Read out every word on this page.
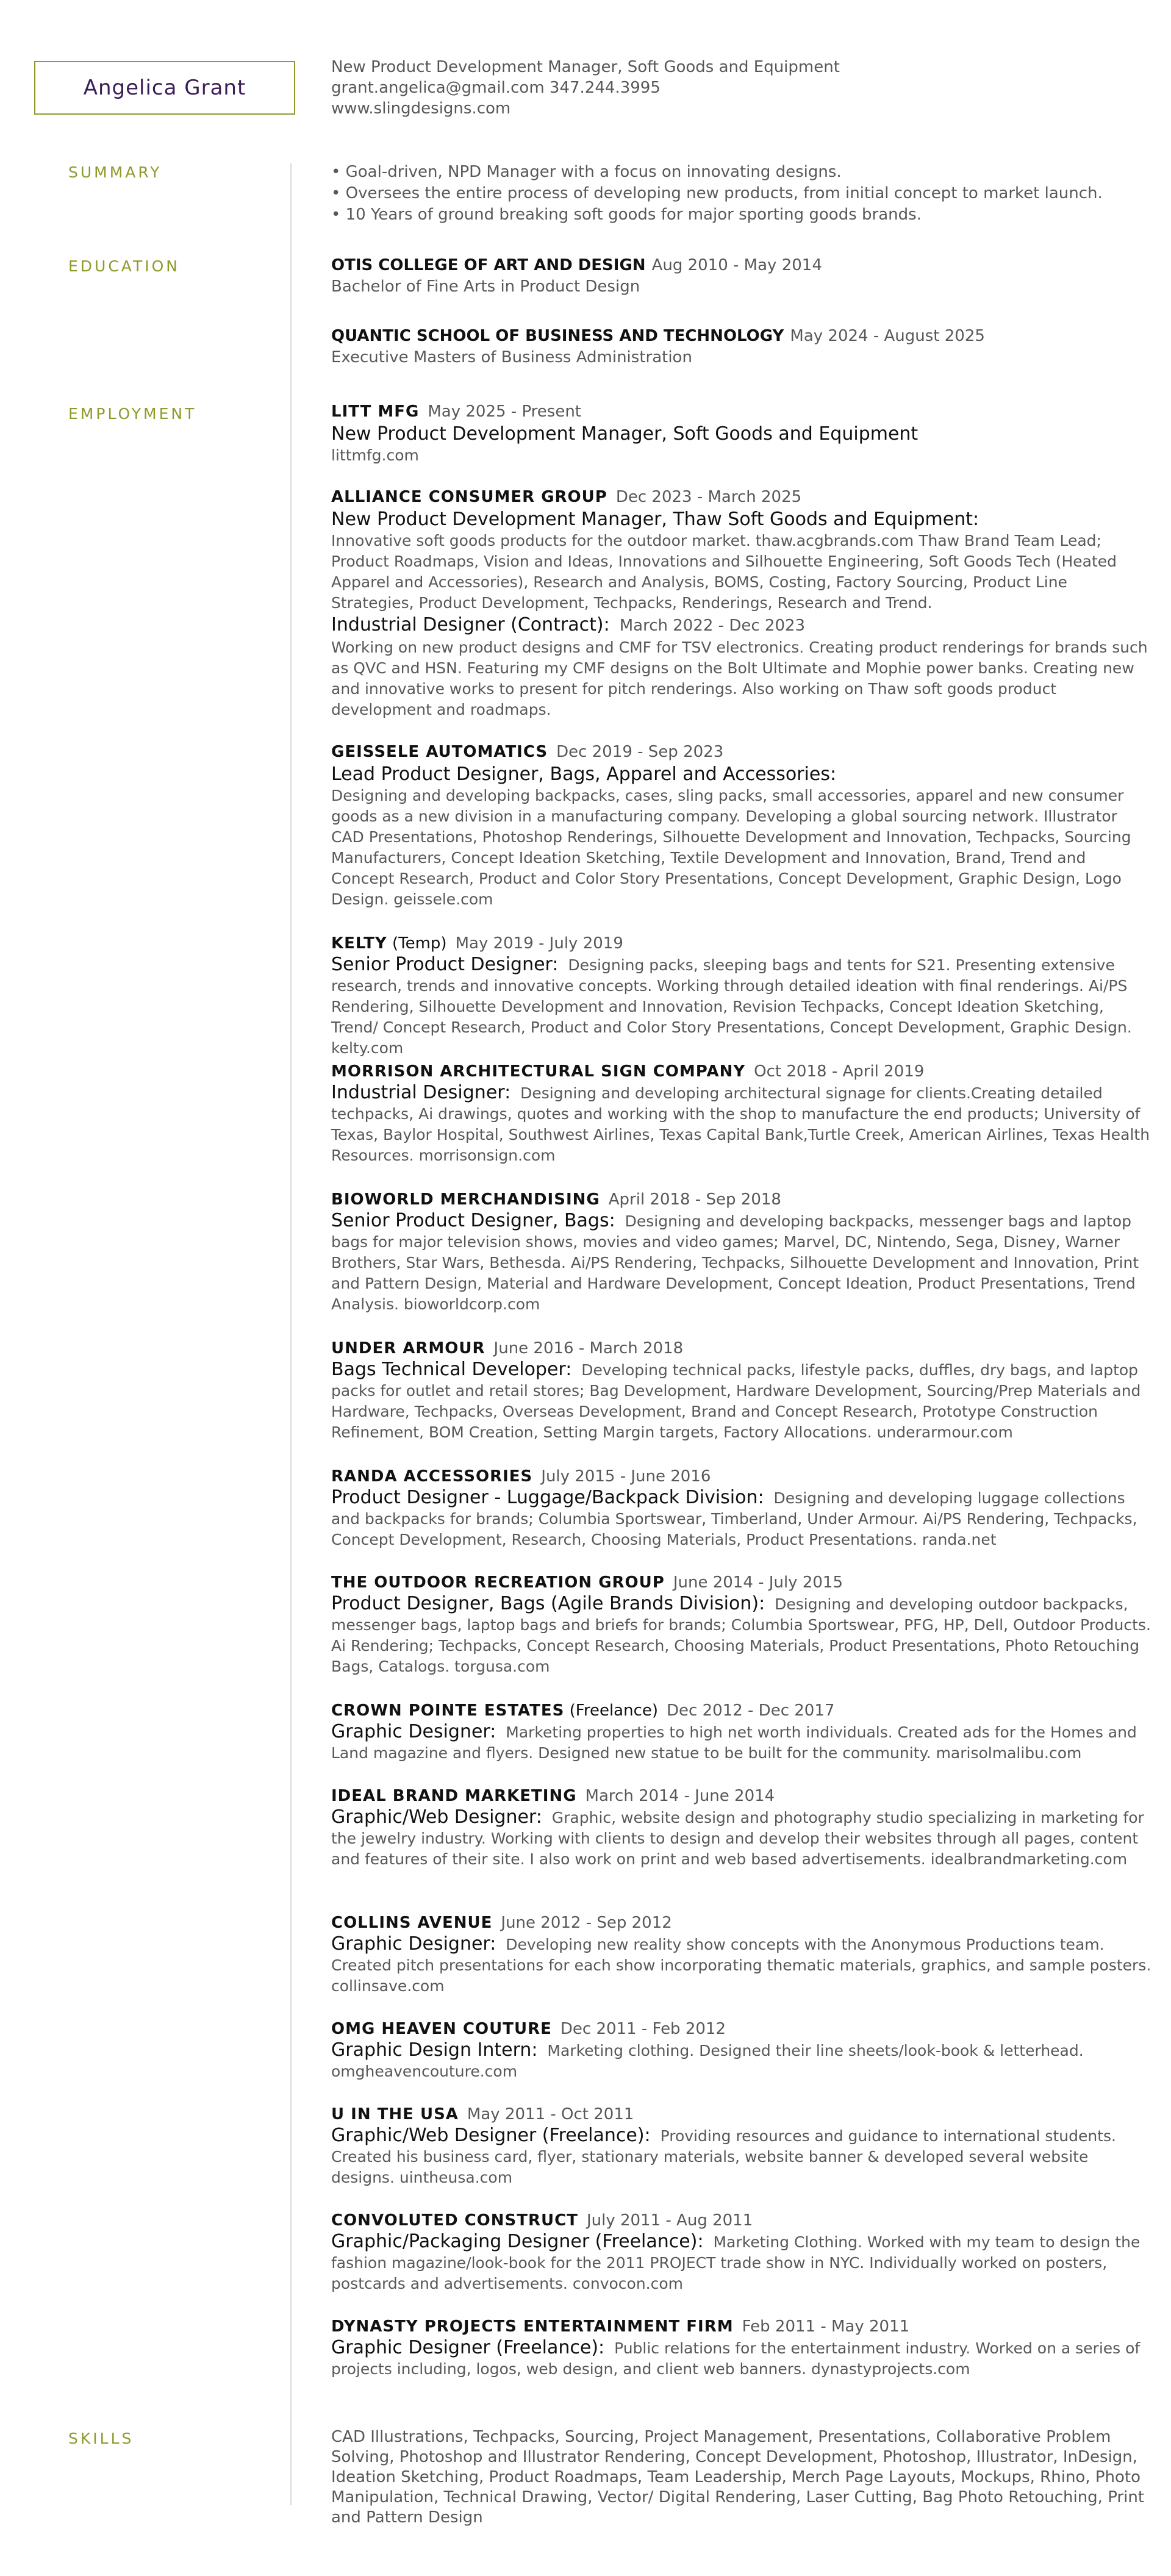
Angelica Grant
New Product Development Manager, Soft Goods and Equipment
grant.angelica@gmail.com 347.244.3995
www.slingdesigns.com
SUMMARY	• Goal-driven, NPD Manager with a focus on innovating designs.
• Oversees the entire process of developing new products, from initial concept to market launch.
• 10 Years of ground breaking soft goods for major sporting goods brands.
EDUCATION	OTIS COLLEGE OF ART AND DESIGN Aug 2010 - May 2014
Bachelor of Fine Arts in Product Design
QUANTIC SCHOOL OF BUSINESS AND TECHNOLOGY May 2024 - August 2025
Executive Masters of Business Administration
EMPLOYMENT	LITT MFG May 2025 - Present
New Product Development Manager, Soft Goods and Equipment
littmfg.com
ALLIANCE CONSUMER GROUP Dec 2023 - March 2025
New Product Development Manager, Thaw Soft Goods and Equipment:
Innovative soft goods products for the outdoor market. thaw.acgbrands.com Thaw Brand Team Lead; Product Roadmaps, Vision and Ideas, Innovations and Silhouette Engineering, Soft Goods Tech (Heated Apparel and Accessories), Research and Analysis, BOMS, Costing, Factory Sourcing, Product Line Strategies, Product Development, Techpacks, Renderings, Research and Trend.
Industrial Designer (Contract): March 2022 - Dec 2023
Working on new product designs and CMF for TSV electronics. Creating product renderings for brands such as QVC and HSN. Featuring my CMF designs on the Bolt Ultimate and Mophie power banks. Creating new and innovative works to present for pitch renderings. Also working on Thaw soft goods product development and roadmaps.
GEISSELE AUTOMATICS Dec 2019 - Sep 2023
Lead Product Designer, Bags, Apparel and Accessories:
Designing and developing backpacks, cases, sling packs, small accessories, apparel and new consumer goods as a new division in a manufacturing company. Developing a global sourcing network. Illustrator CAD Presentations, Photoshop Renderings, Silhouette Development and Innovation, Techpacks, Sourcing Manufacturers, Concept Ideation Sketching, Textile Development and Innovation, Brand, Trend and Concept Research, Product and Color Story Presentations, Concept Development, Graphic Design, Logo Design. geissele.com
KELTY (Temp) May 2019 - July 2019
Senior Product Designer: Designing packs, sleeping bags and tents for S21. Presenting extensive research, trends and innovative concepts. Working through detailed ideation with final renderings. Ai/PS Rendering, Silhouette Development and Innovation, Revision Techpacks, Concept Ideation Sketching, Trend/ Concept Research, Product and Color Story Presentations, Concept Development, Graphic Design. kelty.com
MORRISON ARCHITECTURAL SIGN COMPANY Oct 2018 - April 2019
Industrial Designer: Designing and developing architectural signage for clients.Creating detailed techpacks, Ai drawings, quotes and working with the shop to manufacture the end products; University of Texas, Baylor Hospital, Southwest Airlines, Texas Capital Bank,Turtle Creek, American Airlines, Texas Health Resources. morrisonsign.com
BIOWORLD MERCHANDISING April 2018 - Sep 2018
Senior Product Designer, Bags: Designing and developing backpacks, messenger bags and laptop bags for major television shows, movies and video games; Marvel, DC, Nintendo, Sega, Disney, Warner Brothers, Star Wars, Bethesda. Ai/PS Rendering, Techpacks, Silhouette Development and Innovation, Print and Pattern Design, Material and Hardware Development, Concept Ideation, Product Presentations, Trend Analysis. bioworldcorp.com
UNDER ARMOUR June 2016 - March 2018
Bags Technical Developer: Developing technical packs, lifestyle packs, duffles, dry bags, and laptop packs for outlet and retail stores; Bag Development, Hardware Development, Sourcing/Prep Materials and Hardware, Techpacks, Overseas Development, Brand and Concept Research, Prototype Construction Refinement, BOM Creation, Setting Margin targets, Factory Allocations. underarmour.com
RANDA ACCESSORIES July 2015 - June 2016
Product Designer - Luggage/Backpack Division: Designing and developing luggage collections and backpacks for brands; Columbia Sportswear, Timberland, Under Armour. Ai/PS Rendering, Techpacks, Concept Development, Research, Choosing Materials, Product Presentations. randa.net
THE OUTDOOR RECREATION GROUP June 2014 - July 2015
Product Designer, Bags (Agile Brands Division): Designing and developing outdoor backpacks, messenger bags, laptop bags and briefs for brands; Columbia Sportswear, PFG, HP, Dell, Outdoor Products. Ai Rendering; Techpacks, Concept Research, Choosing Materials, Product Presentations, Photo Retouching Bags, Catalogs. torgusa.com
CROWN POINTE ESTATES (Freelance) Dec 2012 - Dec 2017
Graphic Designer: Marketing properties to high net worth individuals. Created ads for the Homes and Land magazine and flyers. Designed new statue to be built for the community. marisolmalibu.com
IDEAL BRAND MARKETING March 2014 - June 2014
Graphic/Web Designer: Graphic, website design and photography studio specializing in marketing for the jewelry industry. Working with clients to design and develop their websites through all pages, content and features of their site. I also work on print and web based advertisements. idealbrandmarketing.com
COLLINS AVENUE June 2012 - Sep 2012
Graphic Designer: Developing new reality show concepts with the Anonymous Productions team. Created pitch presentations for each show incorporating thematic materials, graphics, and sample posters. collinsave.com
OMG HEAVEN COUTURE Dec 2011 - Feb 2012
Graphic Design Intern: Marketing clothing. Designed their line sheets/look-book & letterhead. omgheavencouture.com
U IN THE USA May 2011 - Oct 2011
Graphic/Web Designer (Freelance): Providing resources and guidance to international students. Created his business card, flyer, stationary materials, website banner & developed several website designs. uintheusa.com
CONVOLUTED CONSTRUCT July 2011 - Aug 2011
Graphic/Packaging Designer (Freelance): Marketing Clothing. Worked with my team to design the fashion magazine/look-book for the 2011 PROJECT trade show in NYC. Individually worked on posters, postcards and advertisements. convocon.com
DYNASTY PROJECTS ENTERTAINMENT FIRM Feb 2011 - May 2011
Graphic Designer (Freelance): Public relations for the entertainment industry. Worked on a series of projects including, logos, web design, and client web banners. dynastyprojects.com
SKILLS	CAD Illustrations, Techpacks, Sourcing, Project Management, Presentations, Collaborative Problem Solving, Photoshop and Illustrator Rendering, Concept Development, Photoshop, Illustrator, InDesign, Ideation Sketching, Product Roadmaps, Team Leadership, Merch Page Layouts, Mockups, Rhino, Photo Manipulation, Technical Drawing, Vector/ Digital Rendering, Laser Cutting, Bag Photo Retouching, Print and Pattern Design
